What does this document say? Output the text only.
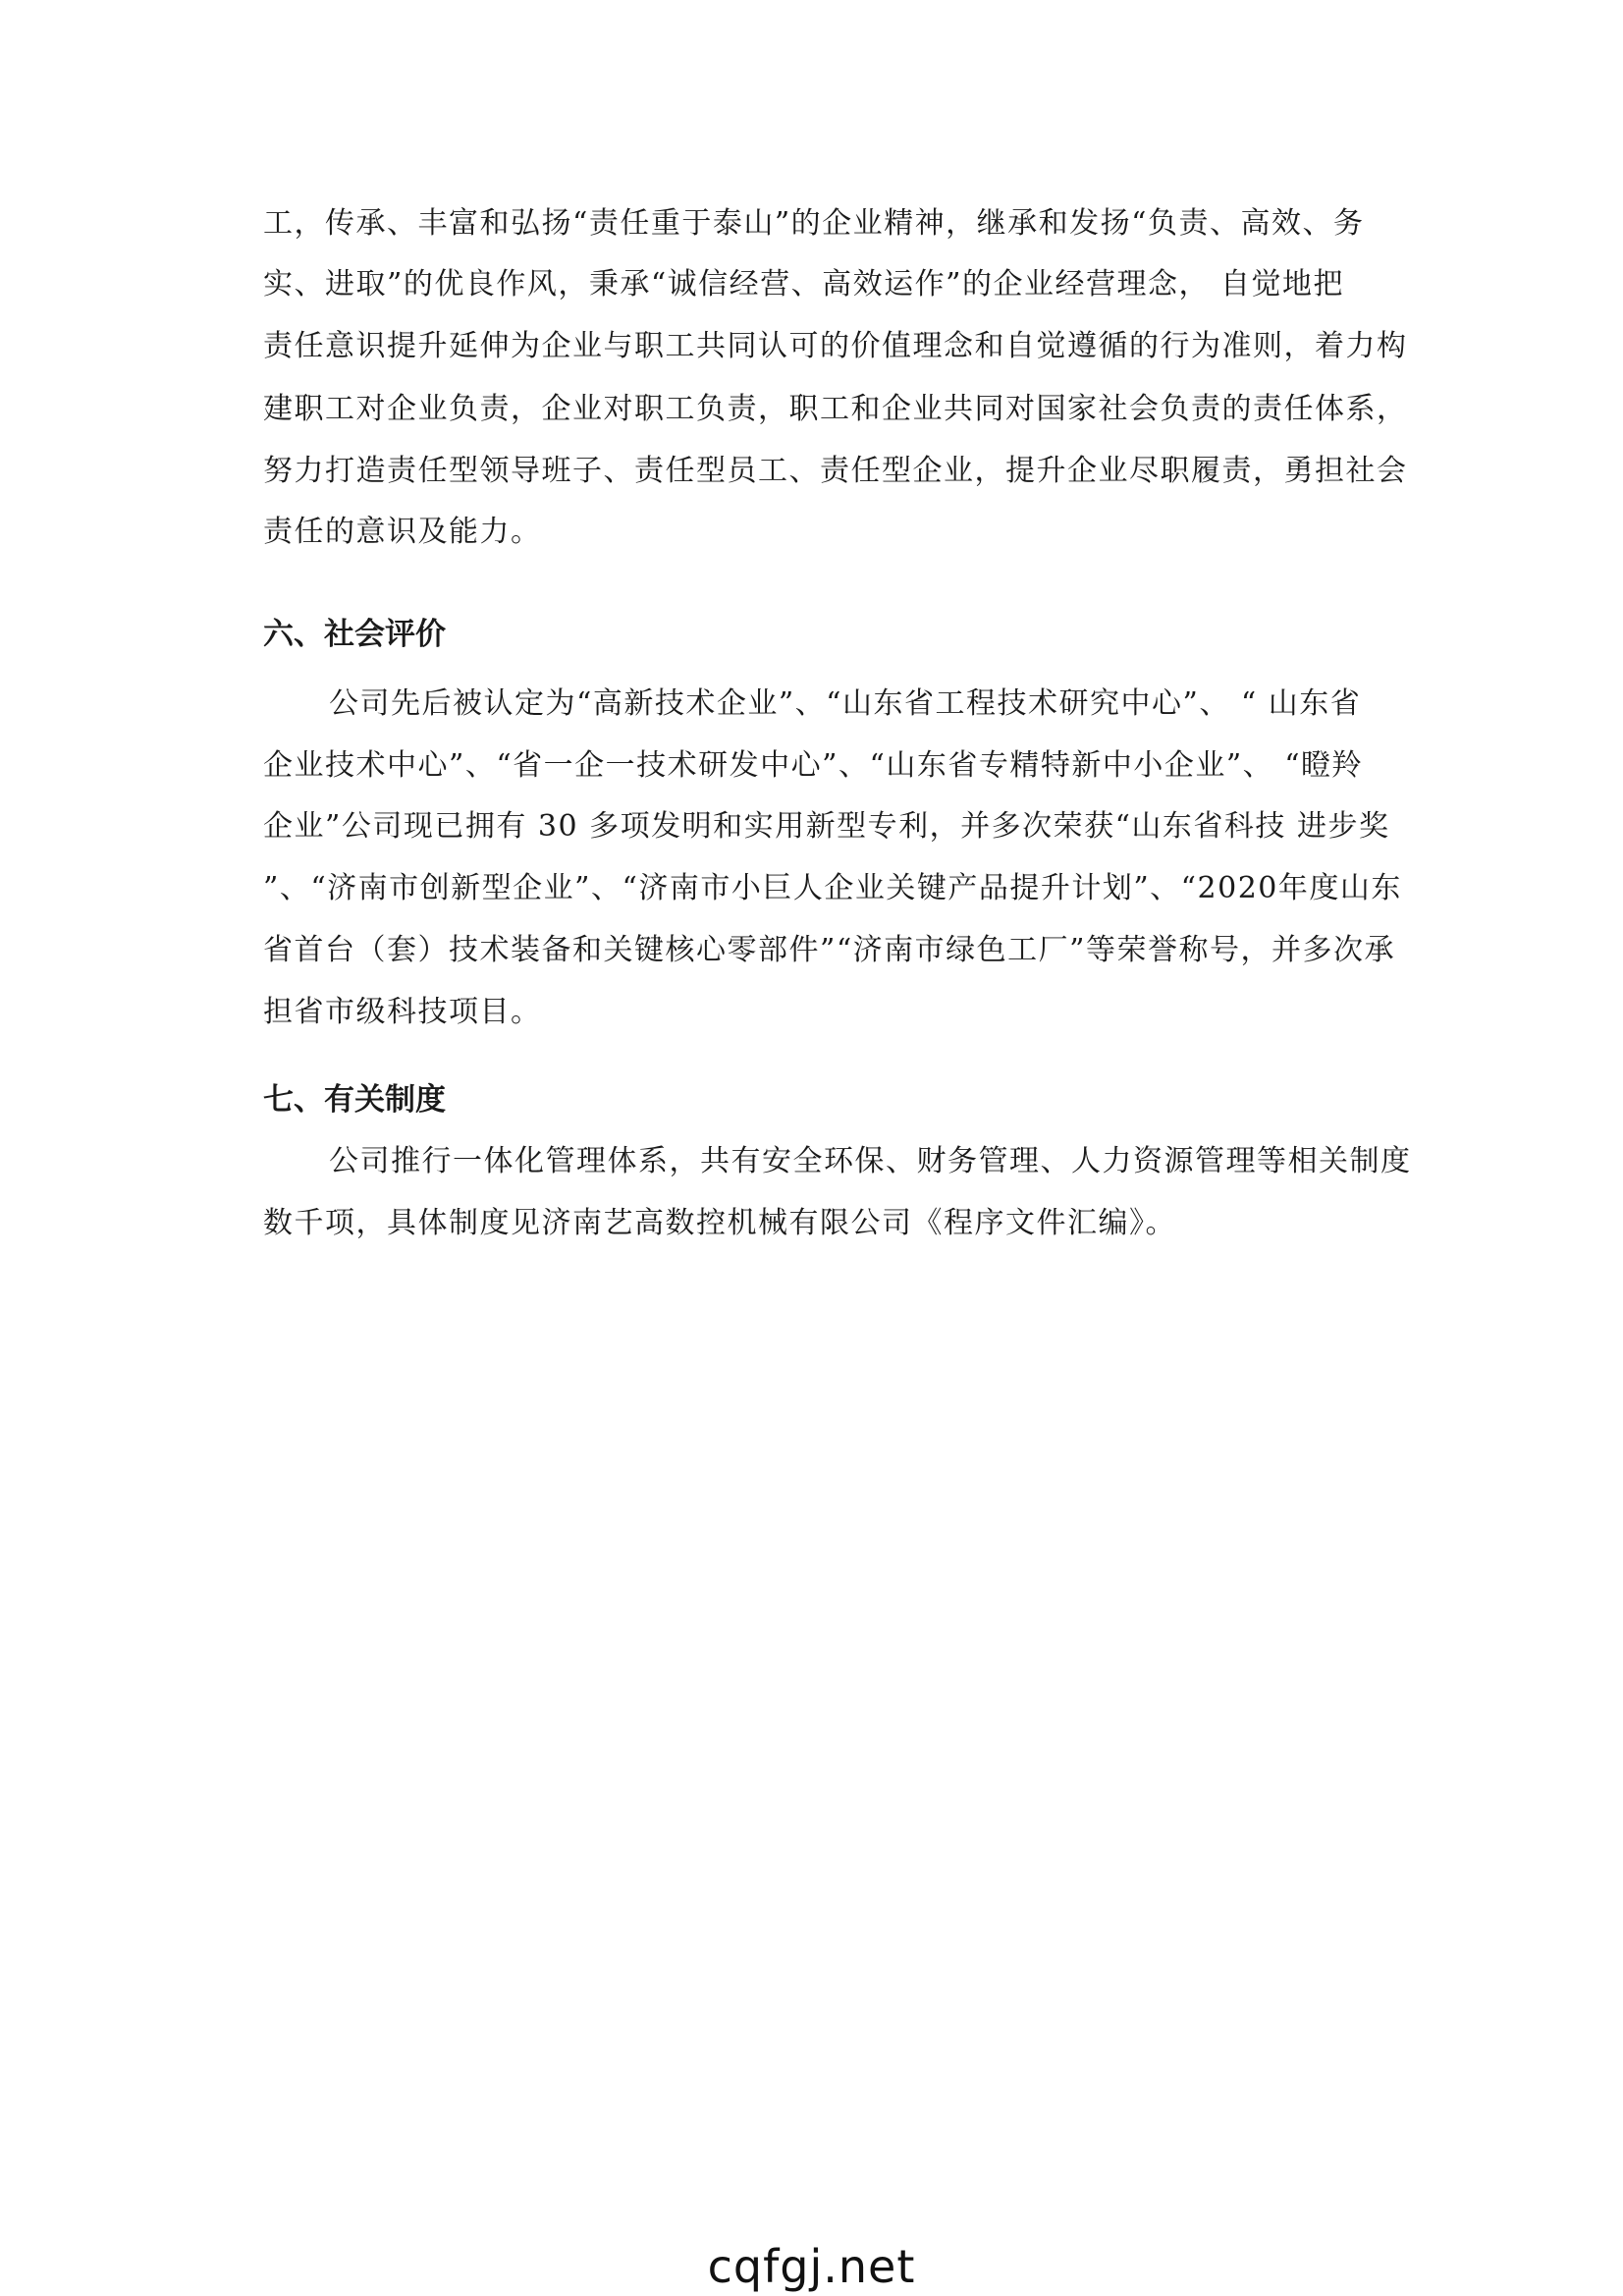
工，传承、丰富和弘扬“责任重于泰山”的企业精神，继承和发扬“负责、高效、务
实、进取”的优良作风，秉承“诚信经营、高效运作”的企业经营理念， 自觉地把
责任意识提升延伸为企业与职工共同认可的价值理念和自觉遵循的行为准则，着力构
建职工对企业负责，企业对职工负责，职工和企业共同对国家社会负责的责任体系，
努力打造责任型领导班子、责任型员工、责任型企业，提升企业尽职履责，勇担社会
责任的意识及能力。
六、社会评价
公司先后被认定为“高新技术企业”、“山东省工程技术研究中心”、 “ 山东省
企业技术中心”、“省一企一技术研发中心”、“山东省专精特新中小企业”、 “瞪羚
企业”公司现已拥有 30 多项发明和实用新型专利，并多次荣获“山东省科技 进步奖
”、“济南市创新型企业”、“济南市小巨人企业关键产品提升计划”、“2020年度山东
省首台（套）技术装备和关键核心零部件”“济南市绿色工厂”等荣誉称号，并多次承
担省市级科技项目。
七、有关制度
公司推行一体化管理体系，共有安全环保、财务管理、人力资源管理等相关制度
数千项，具体制度见济南艺高数控机械有限公司《程序文件汇编》。
cqfgj.net
